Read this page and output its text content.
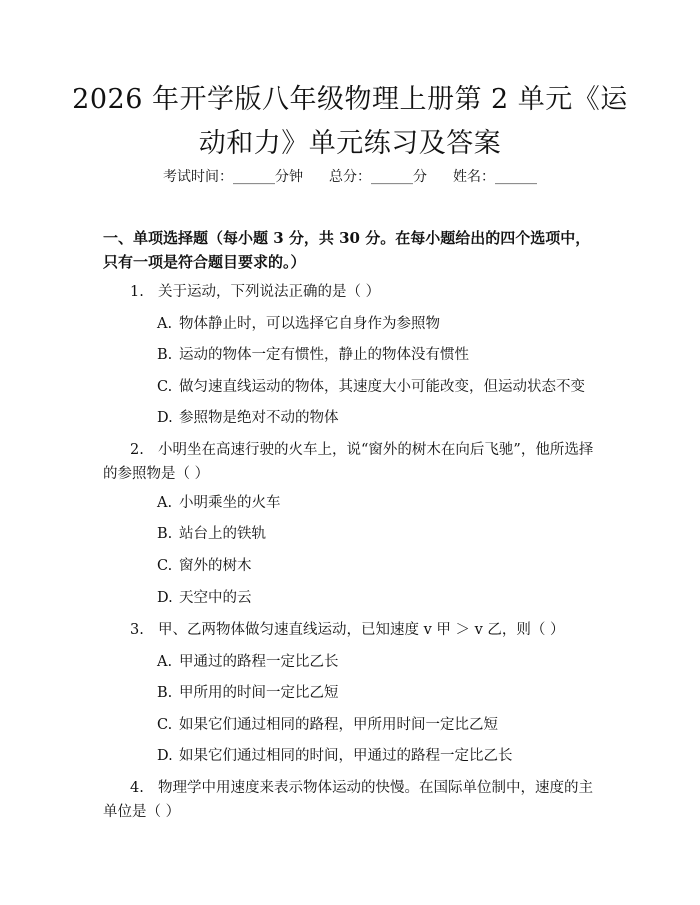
2026 年开学版八年级物理上册第 2 单元《运动和力》单元练习及答案
考试时间：______分钟 总分：______分 姓名：______
一、单项选择题（每小题 3 分，共 30 分。在每小题给出的四个选项中，只有一项是符合题目要求的。）
1. 关于运动，下列说法正确的是（ ）
A. 物体静止时，可以选择它自身作为参照物
B. 运动的物体一定有惯性，静止的物体没有惯性
C. 做匀速直线运动的物体，其速度大小可能改变，但运动状态不变
D. 参照物是绝对不动的物体
2. 小明坐在高速行驶的火车上，说“窗外的树木在向后飞驰”，他所选择的参照物是（ ）
A. 小明乘坐的火车
B. 站台上的铁轨
C. 窗外的树木
D. 天空中的云
3. 甲、乙两物体做匀速直线运动，已知速度 v 甲 ＞ v 乙，则（ ）
A. 甲通过的路程一定比乙长
B. 甲所用的时间一定比乙短
C. 如果它们通过相同的路程，甲所用时间一定比乙短
D. 如果它们通过相同的时间，甲通过的路程一定比乙长
4. 物理学中用速度来表示物体运动的快慢。在国际单位制中，速度的主单位是（ ）
